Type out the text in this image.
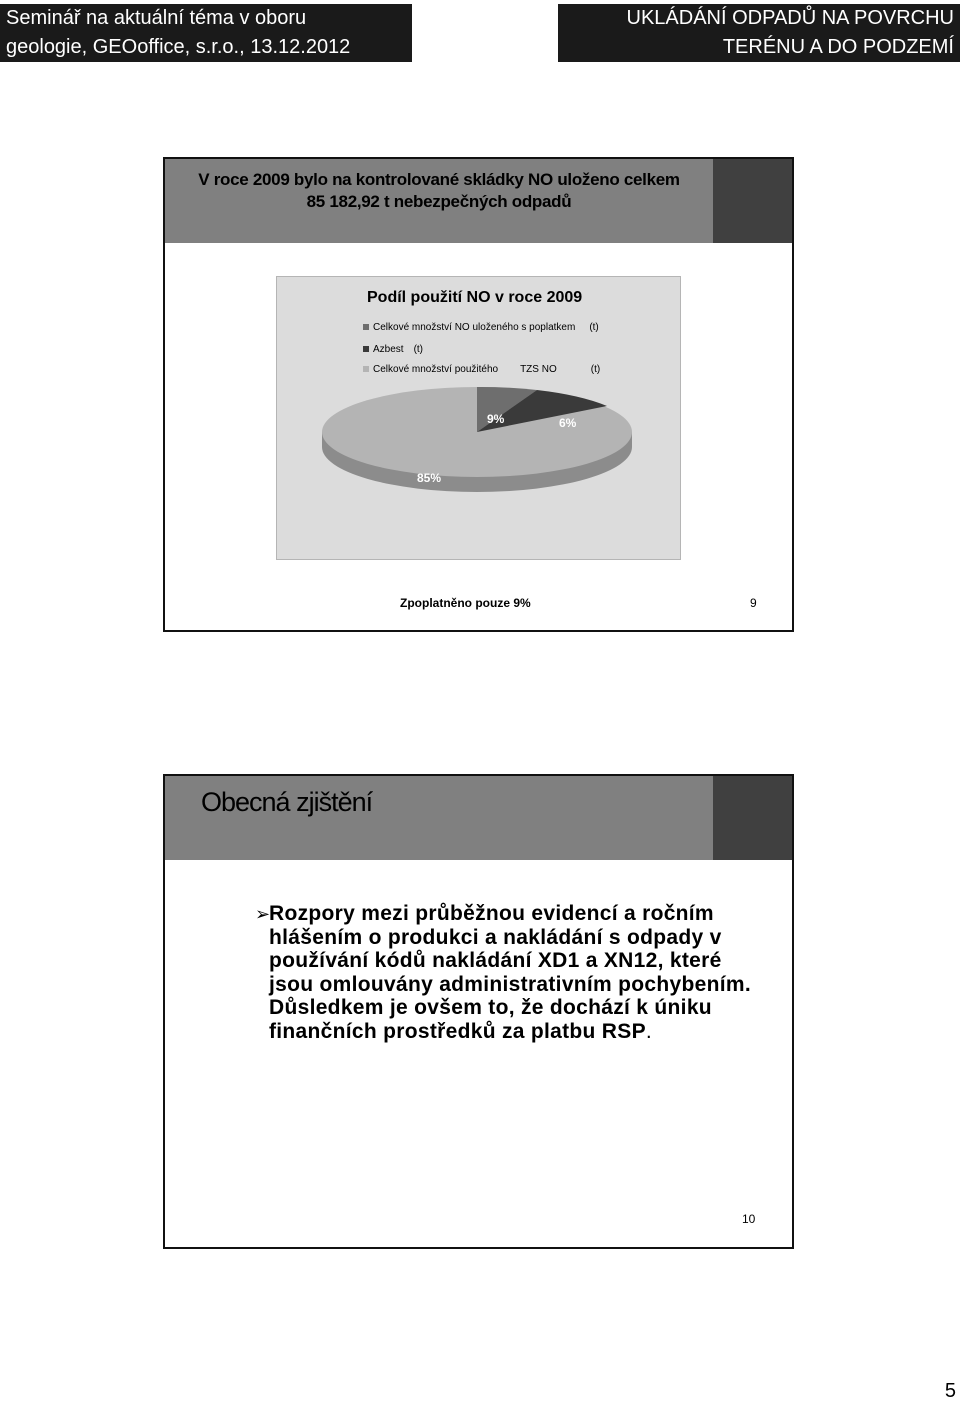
Seminář na aktuální téma v oboru
geologie, GEOoffice, s.r.o., 13.12.2012
UKLÁDÁNÍ ODPADŮ NA POVRCHU
TERÉNU A DO PODZEMÍ
V roce 2009 bylo na kontrolované skládky NO uloženo celkem
85 182,92 t nebezpečných odpadů
Podíl použití NO v roce 2009
Celkové množství NO uloženého s poplatkem (t)
Azbest (t)
Celkové množství použitého TZS NO	(t)
9%	6%
85%
Zpoplatněno pouze 9%	9
Obecná zjištění
➢
Rozpory mezi průběžnou evidencí a ročním hlášením o produkci a nakládání s odpady v používání kódů nakládání XD1 a XN12, které jsou omlouvány administrativním pochybením. Důsledkem je ovšem to, že dochází k úniku finančních prostředků za platbu RSP.
10
5
